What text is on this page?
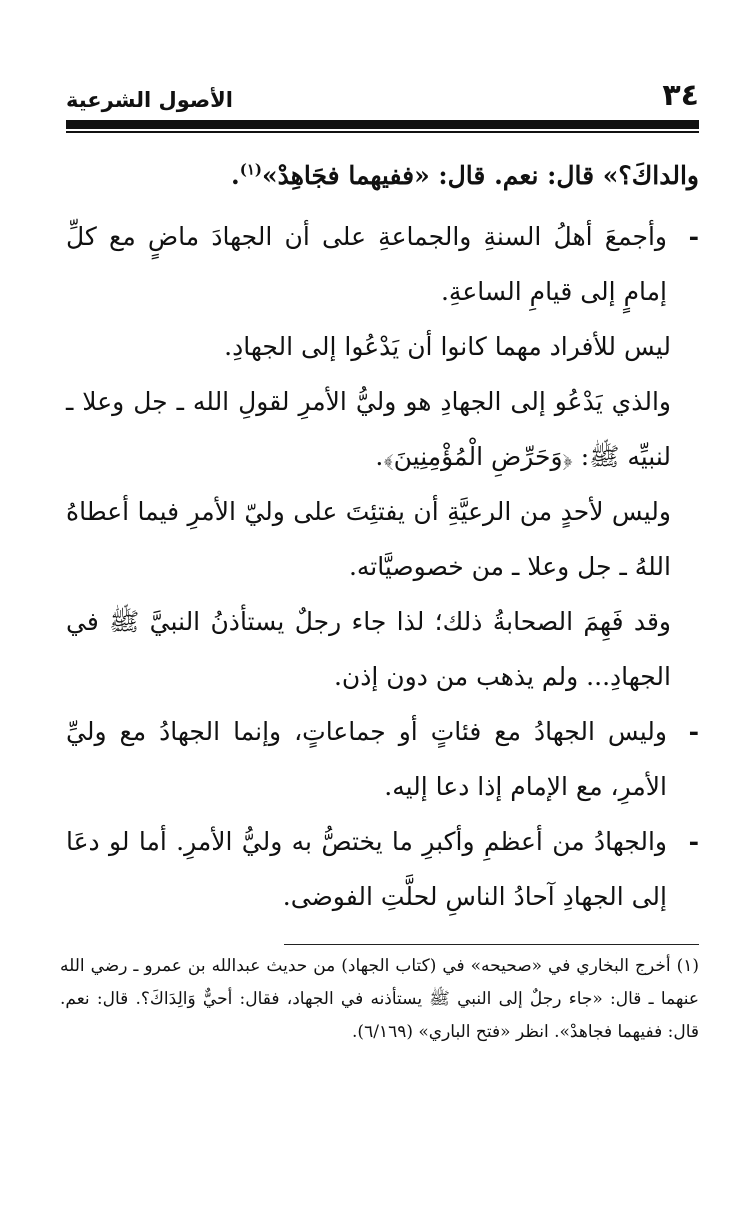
٣٤
الأصول الشرعية

والداكَ؟» قال: نعم. قال: «ففيهما فجَاهِدْ»$^{(١)}$.

-
وأجمعَ أهلُ السنةِ والجماعةِ على أن الجهادَ ماضٍ مع كلِّ إمامٍ إلى قيامِ الساعةِ.

ليس للأفراد مهما كانوا أن يَدْعُوا إلى الجهادِ.

والذي يَدْعُو إلى الجهادِ هو وليُّ الأمرِ لقولِ الله ـ جل وعلا ـ لنبيِّه ﷺ: ﴿وَحَرِّضِ الْمُؤْمِنِينَ﴾.

وليس لأحدٍ من الرعيَّةِ أن يفتئِتَ على وليّ الأمرِ فيما أعطاهُ اللهُ ـ جل وعلا ـ من خصوصيَّاته.

وقد فَهِمَ الصحابةُ ذلك؛ لذا جاء رجلٌ يستأذنُ النبيَّ ﷺ في الجهادِ... ولم يذهب من دون إذن.

-
وليس الجهادُ مع فئاتٍ أو جماعاتٍ، وإنما الجهادُ مع وليِّ الأمرِ، مع الإمام إذا دعا إليه.

-
والجهادُ من أعظمِ وأكبرِ ما يختصُّ به وليُّ الأمرِ. أما لو دعَا إلى الجهادِ آحادُ الناسِ لحلَّتِ الفوضى.

(١)أخرج البخاري في «صحيحه» في (كتاب الجهاد) من حديث عبدالله بن عمرو ـ رضي الله عنهما ـ قال: «جاء رجلٌ إلى النبي ﷺ يستأذنه في الجهاد، فقال: أحيٌّ وَالِدَاكَ؟. قال: نعم. قال: ففيهما فجاهدْ». انظر «فتح الباري» (٦/١٦٩).
